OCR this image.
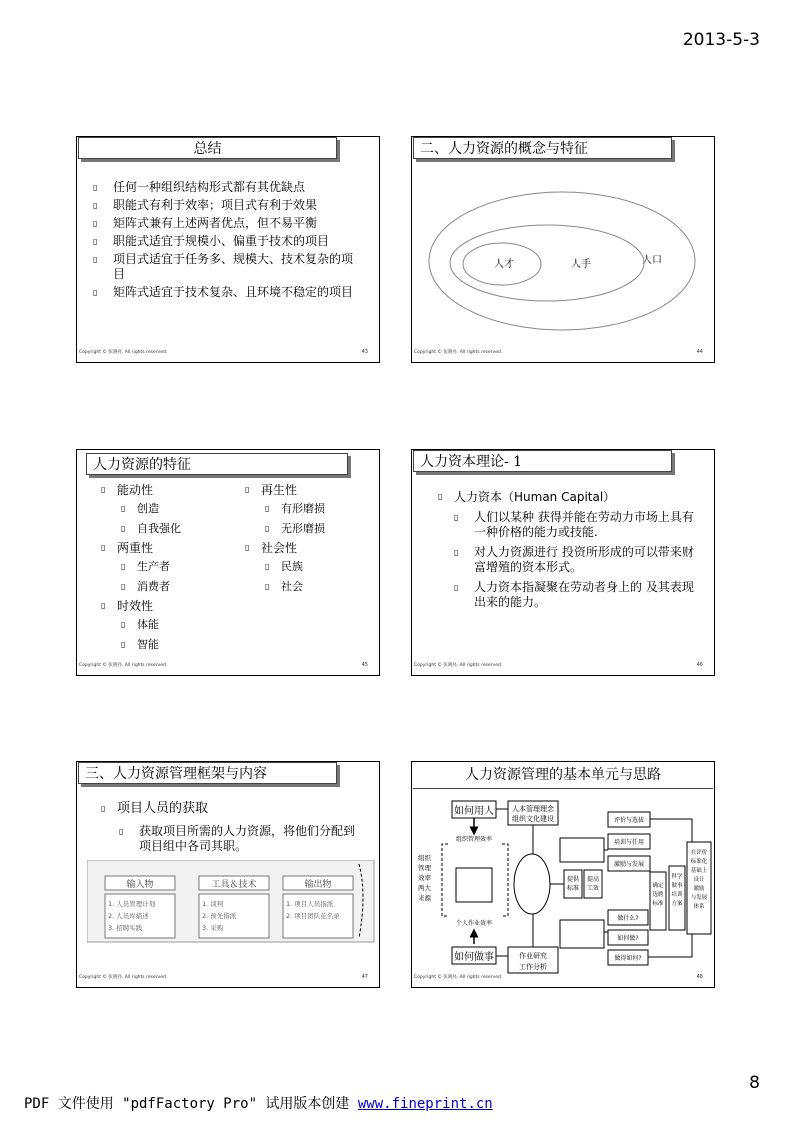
2013-5-3
总结
▯ 任何一种组织结构形式都有其优缺点
▯ 职能式有利于效率；项目式有利于效果
▯ 矩阵式兼有上述两者优点，但不易平衡
▯ 职能式适宜于规模小、偏重于技术的项目
▯ 项目式适宜于任务多、规模大、技术复杂的项目
▯ 矩阵式适宜于技术复杂、且环境不稳定的项目
Copyright © 张晓亮. All rights reserved.	43
二、人力资源的概念与特征
人才	人手	人口
Copyright © 张晓亮. All rights reserved.	44
人力资源的特征
▯ 能动性
▯ 创造
▯ 自我强化
▯ 两重性
▯ 生产者
▯ 消费者
▯ 时效性
▯ 体能
▯ 智能
▯ 再生性
▯ 有形磨损
▯ 无形磨损
▯ 社会性
▯ 民族
▯ 社会
Copyright © 张晓亮. All rights reserved.	45
人力资本理论- 1
▯ 人力资本（Human Capital）
▯ 人们以某种 获得并能在劳动力市场上具有一种价格的能力或技能.
▯ 对人力资源进行 投资所形成的可以带来财富增殖的资本形式。
▯ 人力资本指凝聚在劳动者身上的 及其表现出来的能力。
Copyright © 张晓亮. All rights reserved.	46
三、人力资源管理框架与内容
▯ 项目人员的获取
▯ 获取项目所需的人力资源，将他们分配到项目组中各司其职。
输入物	工具＆技术	输出物
1. 人员管理计划
2. 人员库描述
3. 招聘实践
1. 谈判
2. 预先指派
3. 采购
1. 项目人员指派
2. 项目团队花名录
Copyright © 张晓亮. All rights reserved.	47
人力资源管理的基本单元与思路
如何用人	人本管理理念
组织文化建设
组织管理效率
组织
管理
效率
两大
来源
个人作业效率
如何做事	作业研究
工作分析
提供
标准
提高
工效
评价与选拔
培训与任用
激励与发展
确定
选聘
标准
科学
做事
培训
方案
在评价
标准化
基础上
设计
激励
与发展
体系
做什么?
如何做?
做得如何?
Copyright © 张晓亮. All rights reserved.	48
8
PDF 文件使用 "pdfFactory Pro" 试用版本创建 www.fineprint.cn
